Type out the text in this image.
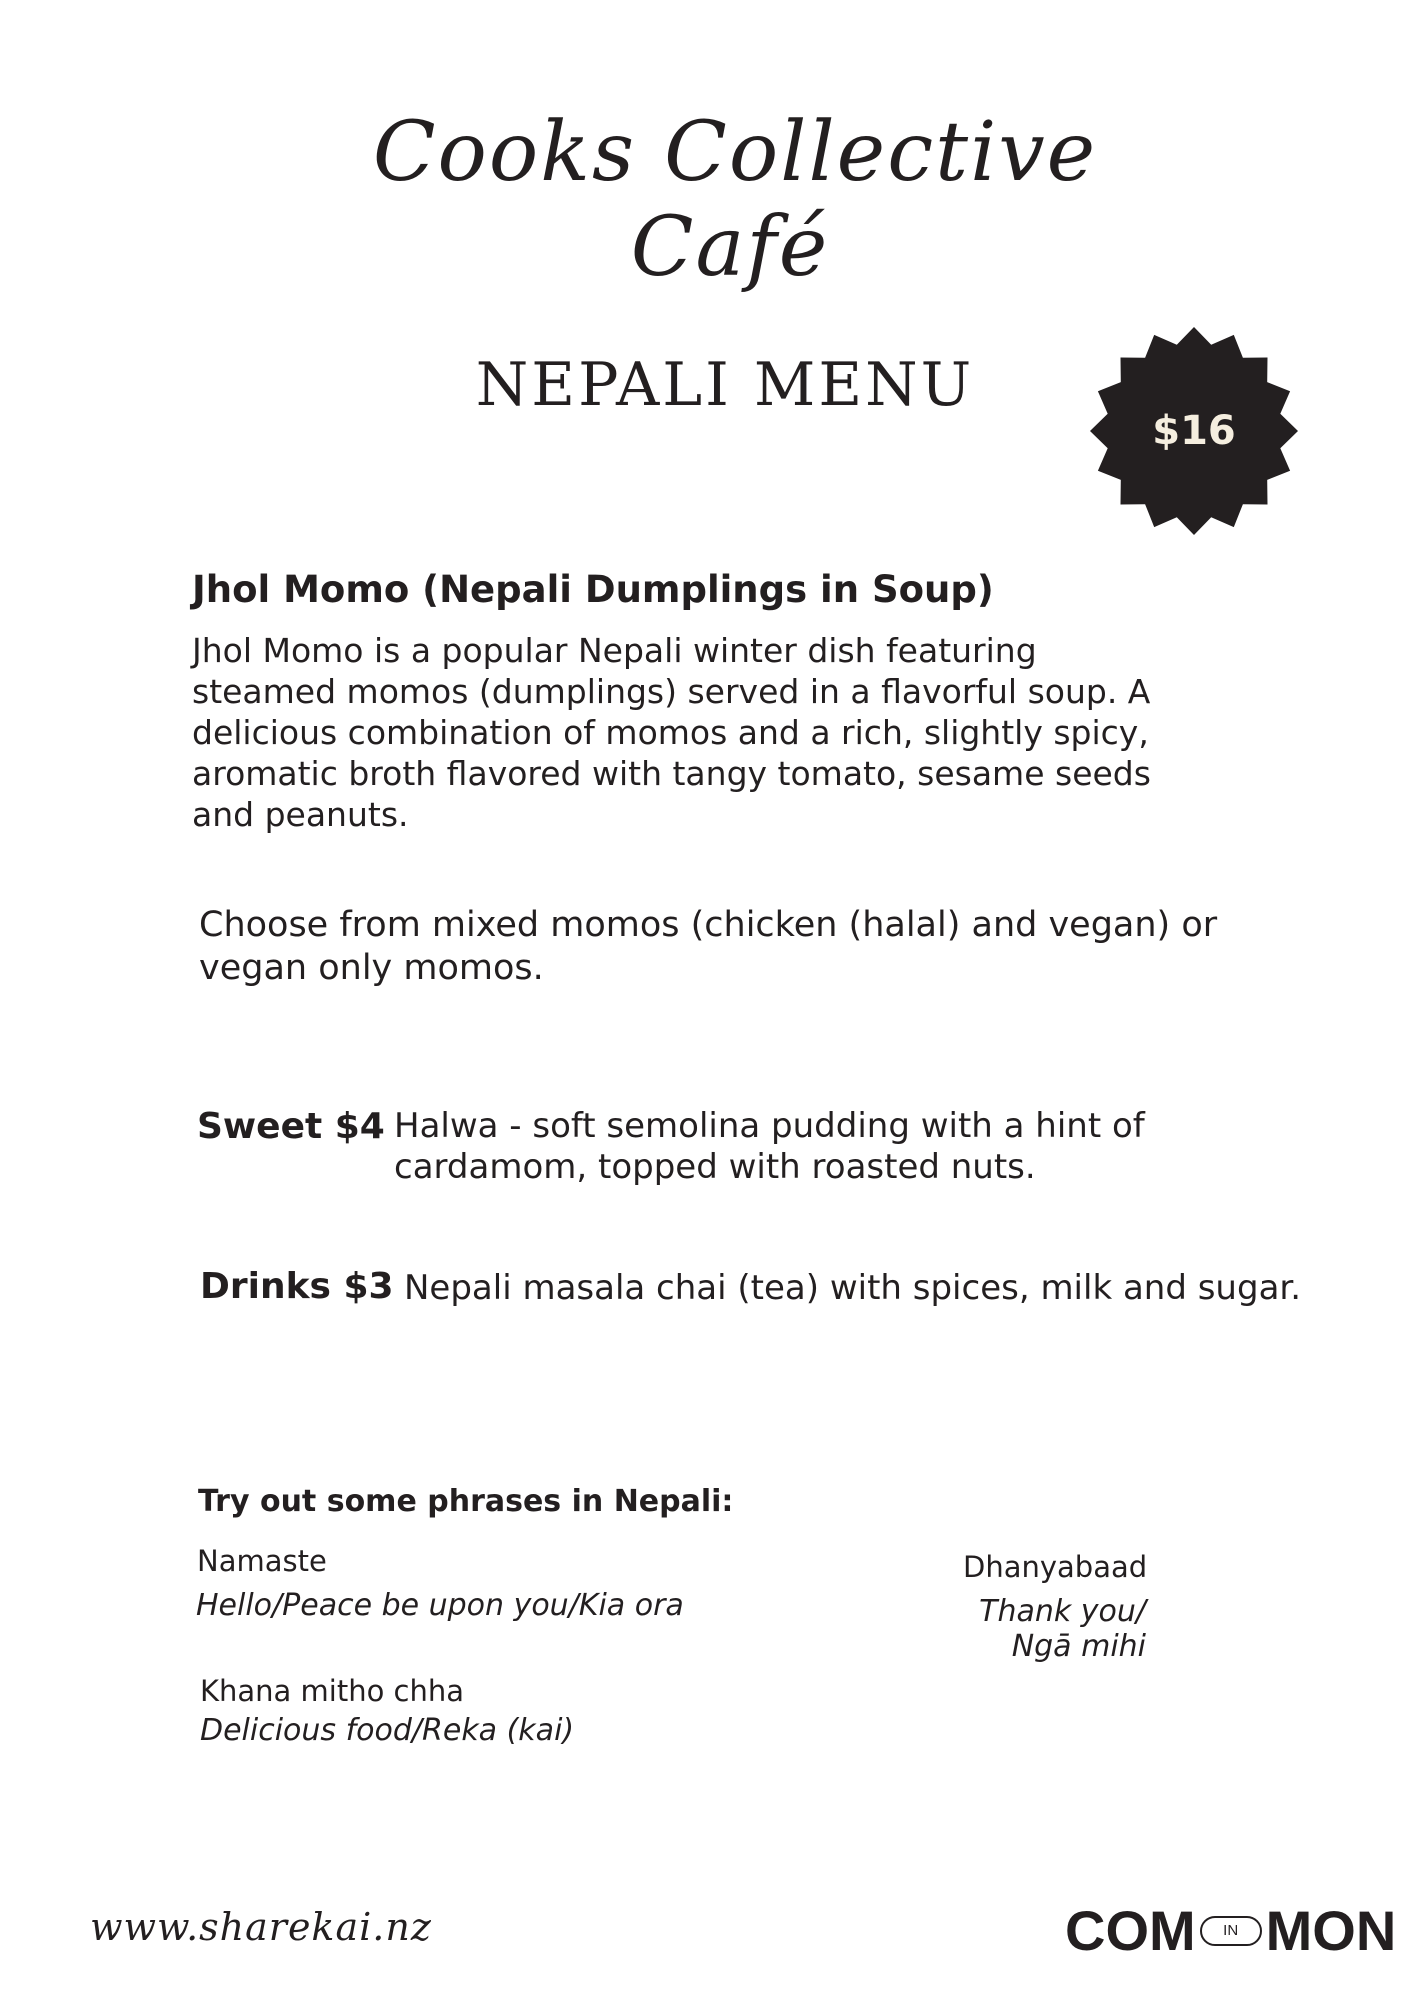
Cooks Collective
Café
NEPALI MENU
$16
Jhol Momo (Nepali Dumplings in Soup)
Jhol Momo is a popular Nepali winter dish featuring
steamed momos (dumplings) served in a flavorful soup. A
delicious combination of momos and a rich, slightly spicy,
aromatic broth flavored with tangy tomato, sesame seeds
and peanuts.
Choose from mixed momos (chicken (halal) and vegan) or
vegan only momos.
Sweet $4 Halwa - soft semolina pudding with a hint of
cardamom, topped with roasted nuts.
Drinks $3 Nepali masala chai (tea) with spices, milk and sugar.
Try out some phrases in Nepali:
Namaste
Hello/Peace be upon you/Kia ora
Khana mitho chha
Delicious food/Reka (kai)
Dhanyabaad
Thank you/
Ngā mihi
www.sharekai.nz	COM	IN MON
